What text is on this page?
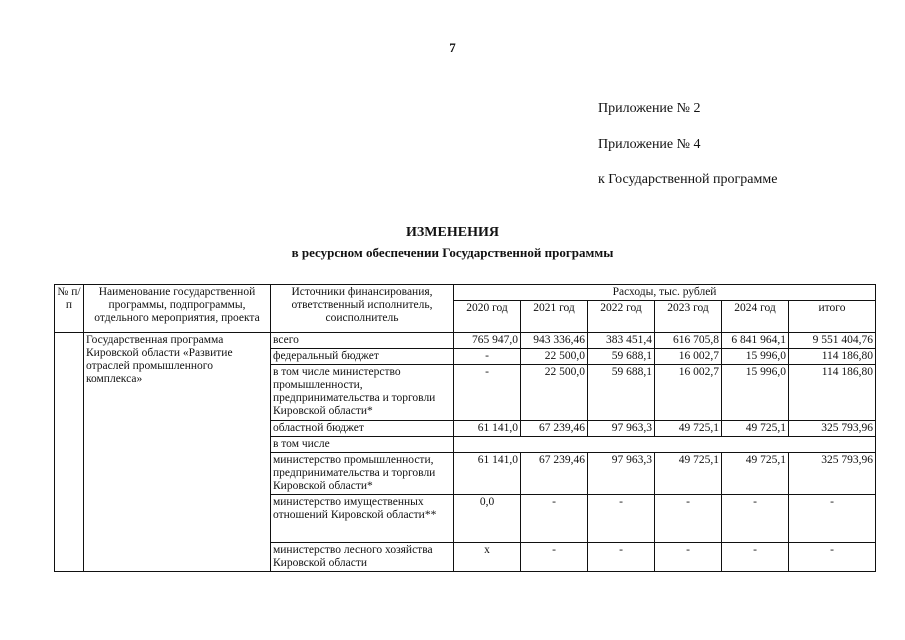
7
Приложение № 2
Приложение № 4
к Государственной программе
ИЗМЕНЕНИЯ
в ресурсном обеспечении Государственной программы
№ п/п	Наименование государственной программы, подпрограммы, отдельного мероприятия, проекта	Источники финансирования, ответственный исполнитель, соисполнитель	Расходы, тыс. рублей					
			2020 год	2021 год	2022 год	2023 год	2024 год	итого
	Государственная программа Кировской области «Развитие отраслей промышленного комплекса»	всего	765 947,0	943 336,46	383 451,4	616 705,8	6 841 964,1	9 551 404,76
		федеральный бюджет	-	22 500,0	59 688,1	16 002,7	15 996,0	114 186,80
		в том числе министерство промышленности, предпринимательства и торговли Кировской области*	-	22 500,0	59 688,1	16 002,7	15 996,0	114 186,80
		областной бюджет	61 141,0	67 239,46	97 963,3	49 725,1	49 725,1	325 793,96
		в том числе						
		министерство промышленности, предпринимательства и торговли Кировской области*	61 141,0	67 239,46	97 963,3	49 725,1	49 725,1	325 793,96
		министерство имущественных отношений Кировской области**	0,0	-	-	-	-	-
		министерство лесного хозяйства Кировской области	х	-	-	-	-	-
